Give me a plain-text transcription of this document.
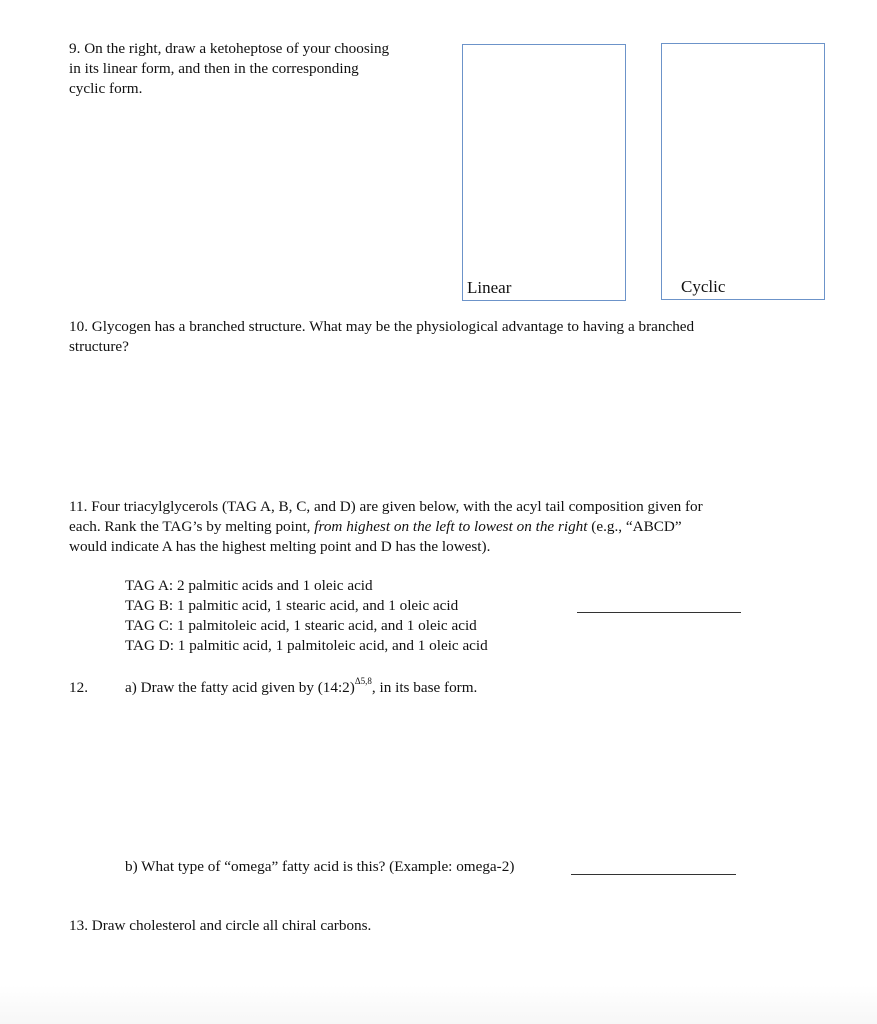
9. On the right, draw a ketoheptose of your choosing
in its linear form, and then in the corresponding
cyclic form.
Linear	Cyclic
10. Glycogen has a branched structure. What may be the physiological advantage to having a branched
structure?
11. Four triacylglycerols (TAG A, B, C, and D) are given below, with the acyl tail composition given for
each. Rank the TAG’s by melting point, from highest on the left to lowest on the right (e.g., “ABCD”
would indicate A has the highest melting point and D has the lowest).
TAG A: 2 palmitic acids and 1 oleic acid
TAG B: 1 palmitic acid, 1 stearic acid, and 1 oleic acid
TAG C: 1 palmitoleic acid, 1 stearic acid, and 1 oleic acid
TAG D: 1 palmitic acid, 1 palmitoleic acid, and 1 oleic acid
12. a) Draw the fatty acid given by (14:2)$^{\Delta 5,8}$, in its base form.
b) What type of “omega” fatty acid is this? (Example: omega-2)
13. Draw cholesterol and circle all chiral carbons.
